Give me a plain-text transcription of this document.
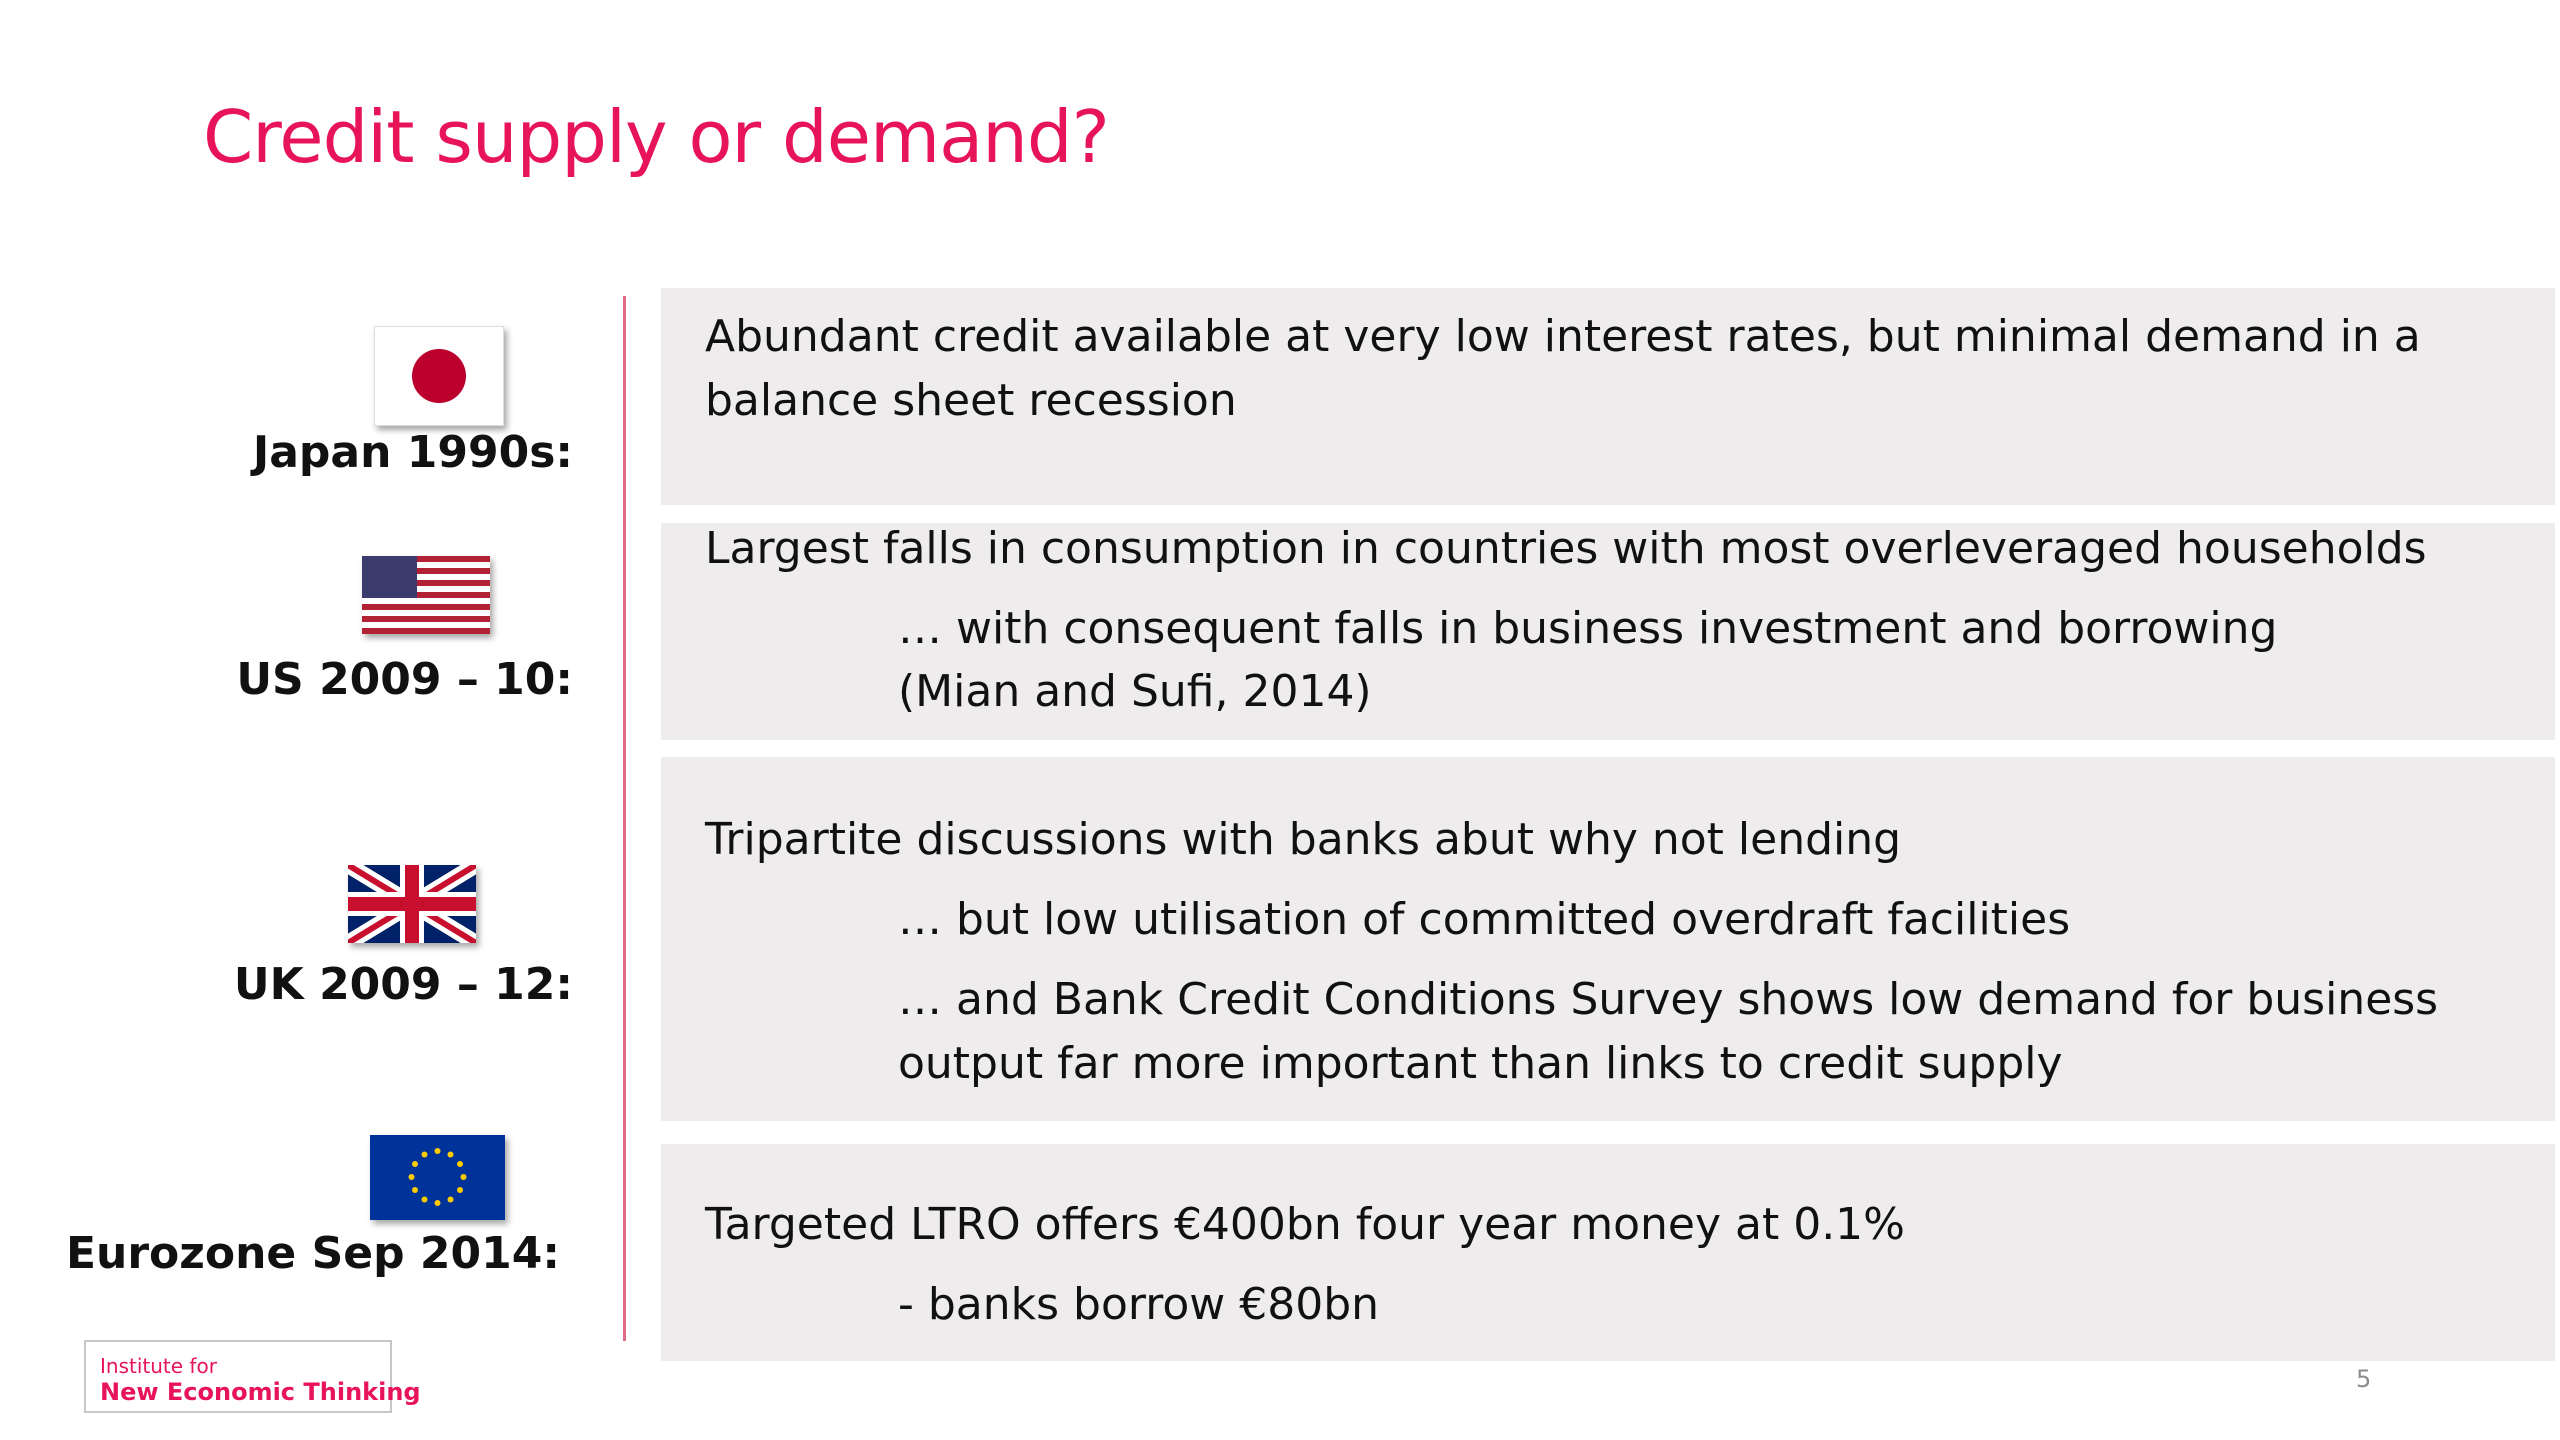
Credit supply or demand?
Japan 1990s:
Abundant credit available at very low interest rates, but minimal demand in a
balance sheet recession
US 2009 – 10:
Largest falls in consumption in countries with most overleveraged households
… with consequent falls in business investment and borrowing
(Mian and Sufi, 2014)
UK 2009 – 12:
Tripartite discussions with banks abut why not lending
… but low utilisation of committed overdraft facilities
… and Bank Credit Conditions Survey shows low demand for business
output far more important than links to credit supply
Eurozone Sep 2014:
Targeted LTRO offers €400bn four year money at 0.1%
- banks borrow €80bn
Institute for
New Economic Thinking	5
